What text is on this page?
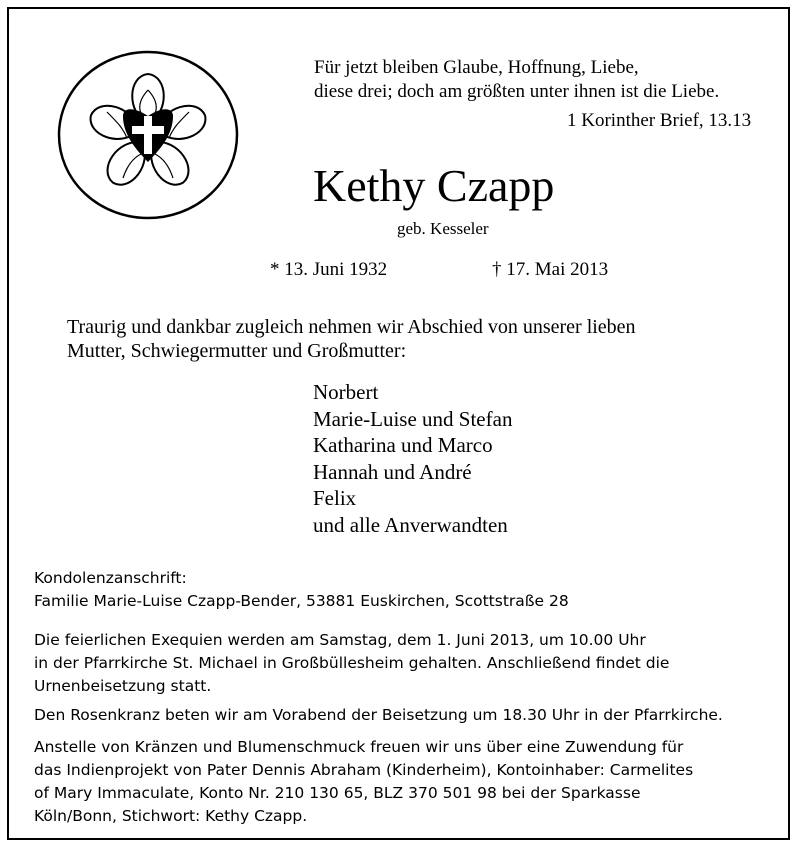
Für jetzt bleiben Glaube, Hoffnung, Liebe,
diese drei; doch am größten unter ihnen ist die Liebe.
1 Korinther Brief, 13.13
Kethy Czapp
geb. Kesseler
* 13. Juni 1932	† 17. Mai 2013
Traurig und dankbar zugleich nehmen wir Abschied von unserer lieben
Mutter, Schwiegermutter und Großmutter:
Norbert
Marie-Luise und Stefan
Katharina und Marco
Hannah und André
Felix
und alle Anverwandten
Kondolenzanschrift:
Familie Marie-Luise Czapp-Bender, 53881 Euskirchen, Scottstraße 28
Die feierlichen Exequien werden am Samstag, dem 1. Juni 2013, um 10.00 Uhr
in der Pfarrkirche St. Michael in Großbüllesheim gehalten. Anschließend findet die
Urnenbeisetzung statt.
Den Rosenkranz beten wir am Vorabend der Beisetzung um 18.30 Uhr in der Pfarrkirche.
Anstelle von Kränzen und Blumenschmuck freuen wir uns über eine Zuwendung für
das Indienprojekt von Pater Dennis Abraham (Kinderheim), Kontoinhaber: Carmelites
of Mary Immaculate, Konto Nr. 210 130 65, BLZ 370 501 98 bei der Sparkasse
Köln/Bonn, Stichwort: Kethy Czapp.
